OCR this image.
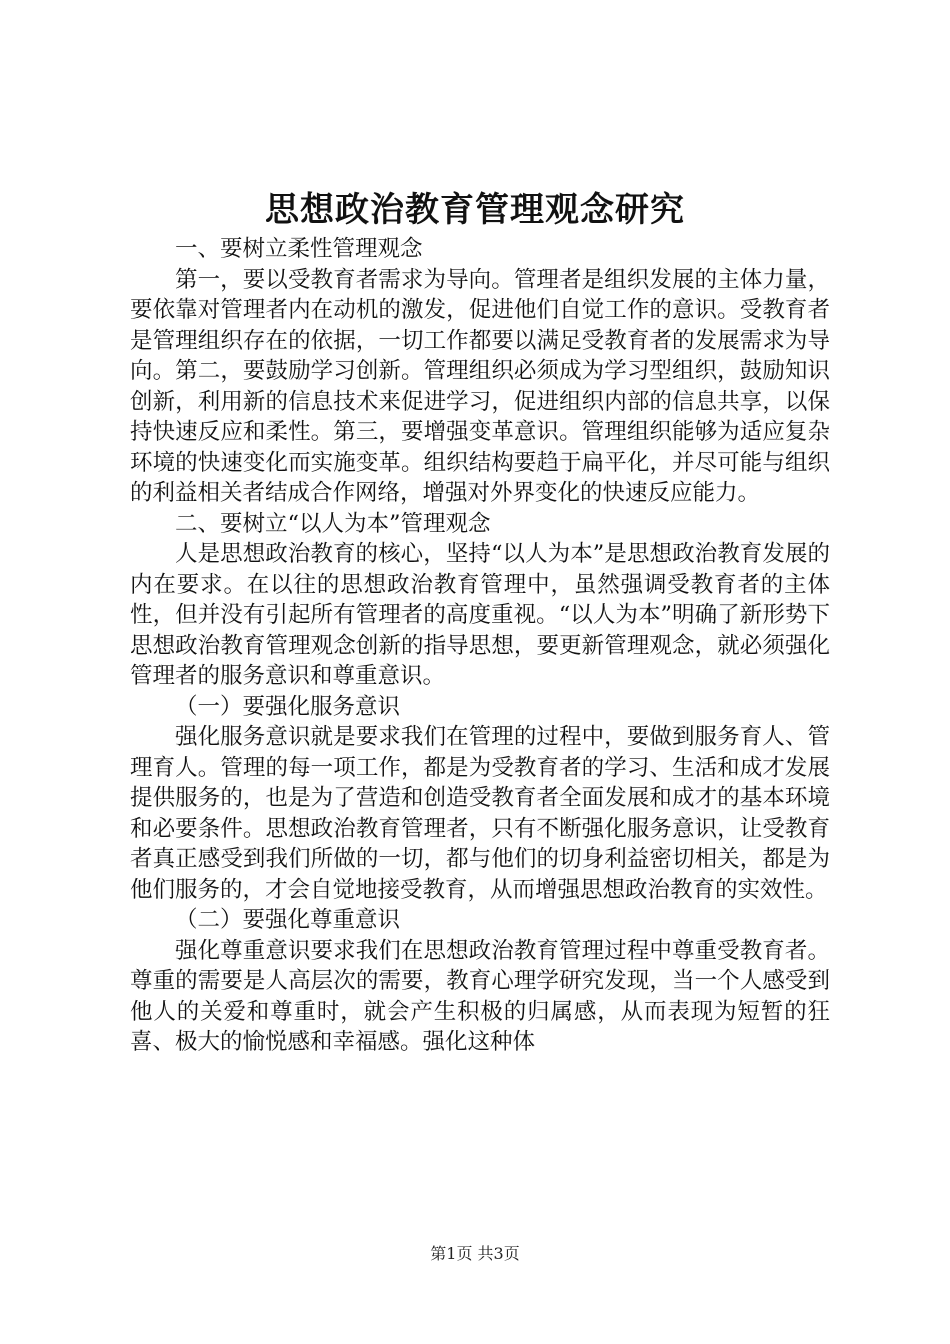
思想政治教育管理观念研究

一、要树立柔性管理观念

第一，要以受教育者需求为导向。管理者是组织发展的主体力量，要依靠对管理者内在动机的激发，促进他们自觉工作的意识。受教育者是管理组织存在的依据，一切工作都要以满足受教育者的发展需求为导向。第二，要鼓励学习创新。管理组织必须成为学习型组织，鼓励知识创新，利用新的信息技术来促进学习，促进组织内部的信息共享，以保持快速反应和柔性。第三，要增强变革意识。管理组织能够为适应复杂环境的快速变化而实施变革。组织结构要趋于扁平化，并尽可能与组织的利益相关者结成合作网络，增强对外界变化的快速反应能力。

二、要树立“以人为本”管理观念

人是思想政治教育的核心，坚持“以人为本”是思想政治教育发展的内在要求。在以往的思想政治教育管理中，虽然强调受教育者的主体性，但并没有引起所有管理者的高度重视。“以人为本”明确了新形势下思想政治教育管理观念创新的指导思想，要更新管理观念，就必须强化管理者的服务意识和尊重意识。

（一）要强化服务意识

强化服务意识就是要求我们在管理的过程中，要做到服务育人、管理育人。管理的每一项工作，都是为受教育者的学习、生活和成才发展提供服务的，也是为了营造和创造受教育者全面发展和成才的基本环境和必要条件。思想政治教育管理者，只有不断强化服务意识，让受教育者真正感受到我们所做的一切，都与他们的切身利益密切相关，都是为他们服务的，才会自觉地接受教育，从而增强思想政治教育的实效性。

（二）要强化尊重意识

强化尊重意识要求我们在思想政治教育管理过程中尊重受教育者。尊重的需要是人高层次的需要，教育心理学研究发现，当一个人感受到他人的关爱和尊重时，就会产生积极的归属感，从而表现为短暂的狂喜、极大的愉悦感和幸福感。强化这种体

第1页 共3页
